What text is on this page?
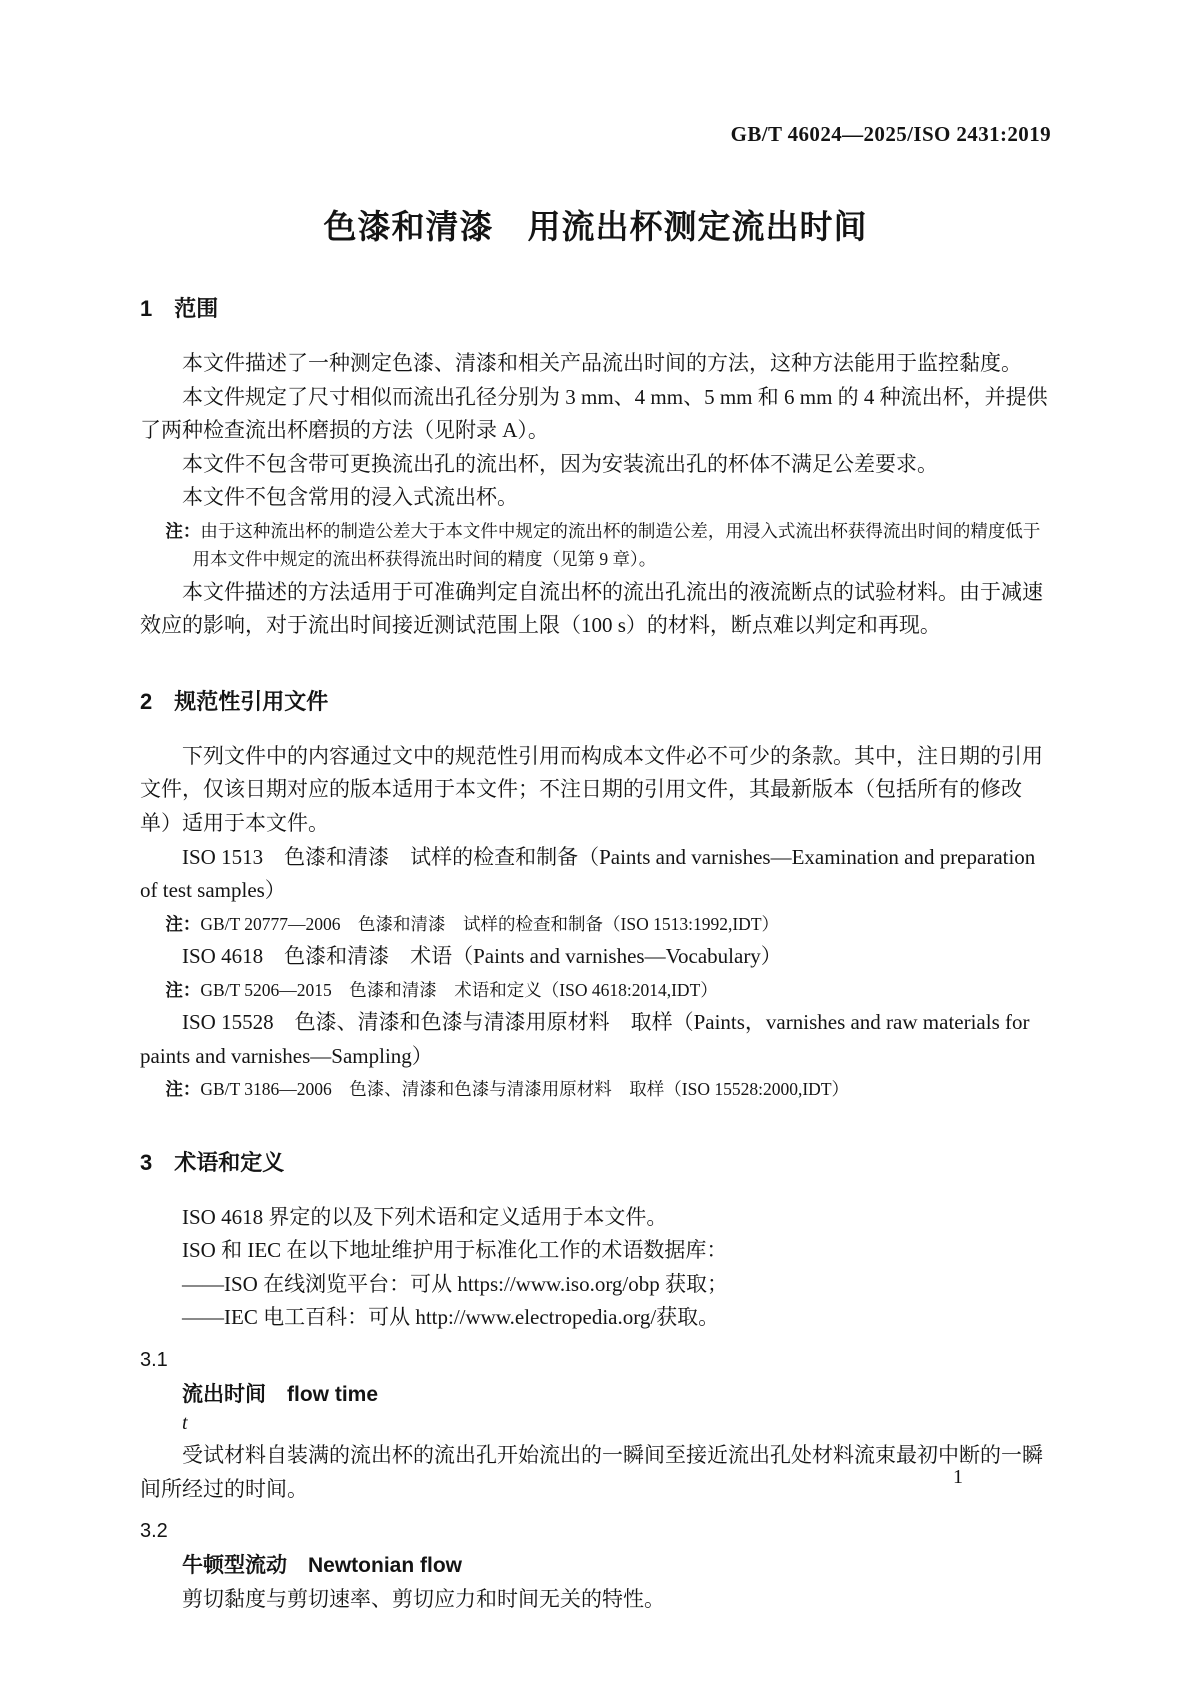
GB/T 46024—2025/ISO 2431:2019
色漆和清漆　用流出杯测定流出时间
1　范围
本文件描述了一种测定色漆、清漆和相关产品流出时间的方法，这种方法能用于监控黏度。
本文件规定了尺寸相似而流出孔径分别为 3 mm、4 mm、5 mm 和 6 mm 的 4 种流出杯，并提供了两种检查流出杯磨损的方法（见附录 A）。
本文件不包含带可更换流出孔的流出杯，因为安装流出孔的杯体不满足公差要求。
本文件不包含常用的浸入式流出杯。
注：由于这种流出杯的制造公差大于本文件中规定的流出杯的制造公差，用浸入式流出杯获得流出时间的精度低于用本文件中规定的流出杯获得流出时间的精度（见第 9 章）。
本文件描述的方法适用于可准确判定自流出杯的流出孔流出的液流断点的试验材料。由于减速效应的影响，对于流出时间接近测试范围上限（100 s）的材料，断点难以判定和再现。
2　规范性引用文件
下列文件中的内容通过文中的规范性引用而构成本文件必不可少的条款。其中，注日期的引用文件，仅该日期对应的版本适用于本文件；不注日期的引用文件，其最新版本（包括所有的修改单）适用于本文件。
ISO 1513　色漆和清漆　试样的检查和制备（Paints and varnishes—Examination and preparation of test samples）
注：GB/T 20777—2006　色漆和清漆　试样的检查和制备（ISO 1513:1992,IDT）
ISO 4618　色漆和清漆　术语（Paints and varnishes—Vocabulary）
注：GB/T 5206—2015　色漆和清漆　术语和定义（ISO 4618:2014,IDT）
ISO 15528　色漆、清漆和色漆与清漆用原材料　取样（Paints，varnishes and raw materials for paints and varnishes—Sampling）
注：GB/T 3186—2006　色漆、清漆和色漆与清漆用原材料　取样（ISO 15528:2000,IDT）
3　术语和定义
ISO 4618 界定的以及下列术语和定义适用于本文件。
ISO 和 IEC 在以下地址维护用于标准化工作的术语数据库：
——ISO 在线浏览平台：可从 https://www.iso.org/obp 获取；
——IEC 电工百科：可从 http://www.electropedia.org/获取。
3.1
流出时间　flow time
t
受试材料自装满的流出杯的流出孔开始流出的一瞬间至接近流出孔处材料流束最初中断的一瞬间所经过的时间。
3.2
牛顿型流动　Newtonian flow
剪切黏度与剪切速率、剪切应力和时间无关的特性。
1
